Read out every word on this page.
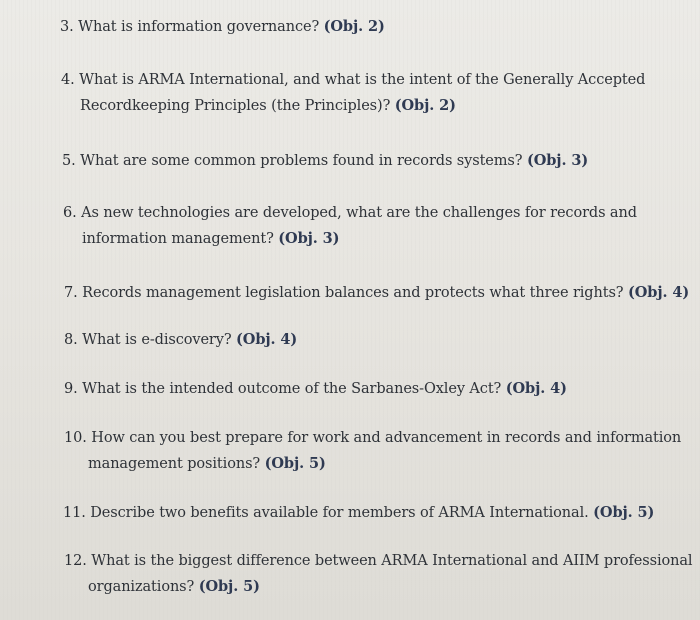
3. What is information governance? (Obj. 2)
4. What is ARMA International, and what is the intent of the Generally Accepted
Recordkeeping Principles (the Principles)? (Obj. 2)
5. What are some common problems found in records systems? (Obj. 3)
6. As new technologies are developed, what are the challenges for records and
information management? (Obj. 3)
7. Records management legislation balances and protects what three rights? (Obj. 4)
8. What is e-discovery? (Obj. 4)
9. What is the intended outcome of the Sarbanes-Oxley Act? (Obj. 4)
10. How can you best prepare for work and advancement in records and information
management positions? (Obj. 5)
11. Describe two benefits available for members of ARMA International. (Obj. 5)
12. What is the biggest difference between ARMA International and AIIM professional
organizations? (Obj. 5)
